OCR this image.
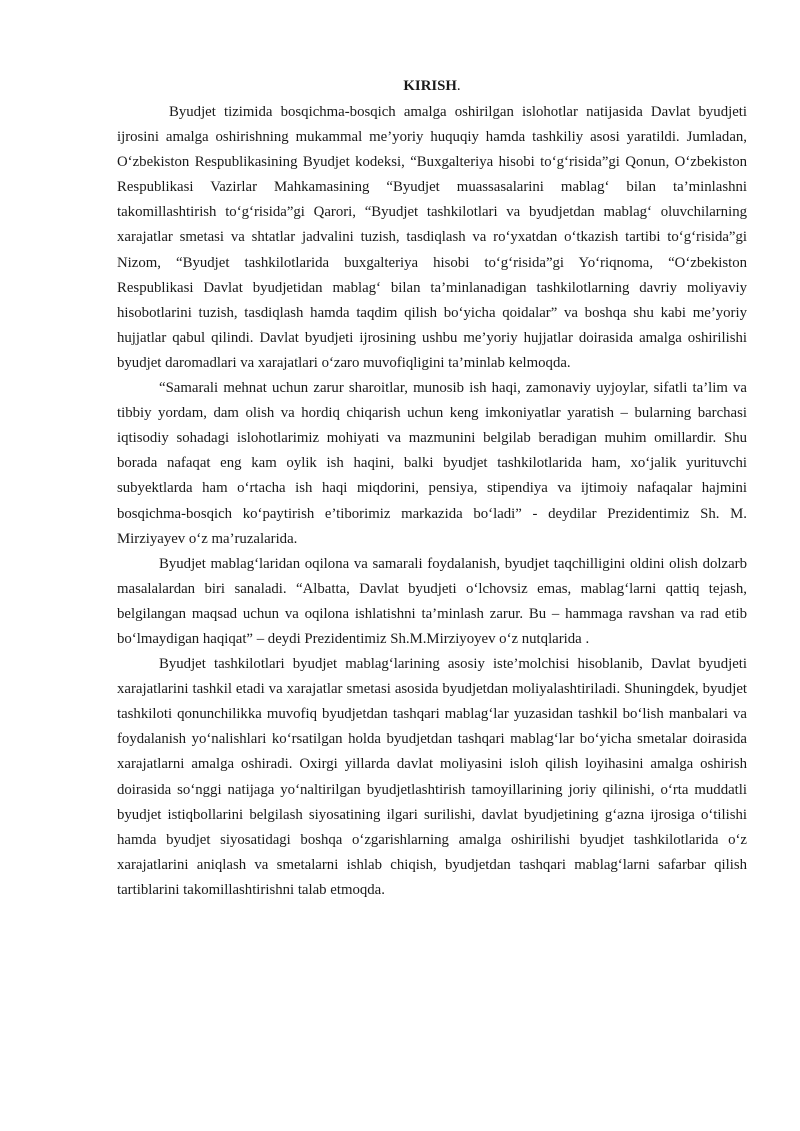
KIRISH.

Byudjet tizimida bosqichma-bosqich amalga oshirilgan islohotlar natijasida Davlat byudjeti ijrosini amalga oshirishning mukammal me’yoriy huquqiy hamda tashkiliy asosi yaratildi. Jumladan, O‘zbekiston Respublikasining Byudjet kodeksi, “Buxgalteriya hisobi to‘g‘risida”gi Qonun, O‘zbekiston Respublikasi Vazirlar Mahkamasining “Byudjet muassasalarini mablag‘ bilan ta’minlashni takomillashtirish to‘g‘risida”gi Qarori, “Byudjet tashkilotlari va byudjetdan mablag‘ oluvchilarning xarajatlar smetasi va shtatlar jadvalini tuzish, tasdiqlash va ro‘yxatdan o‘tkazish tartibi to‘g‘risida”gi Nizom, “Byudjet tashkilotlarida buxgalteriya hisobi to‘g‘risida”gi Yo‘riqnoma, “O‘zbekiston Respublikasi Davlat byudjetidan mablag‘ bilan ta’minlanadigan tashkilotlarning davriy moliyaviy hisobotlarini tuzish, tasdiqlash hamda taqdim qilish bo‘yicha qoidalar” va boshqa shu kabi me’yoriy hujjatlar qabul qilindi. Davlat byudjeti ijrosining ushbu me’yoriy hujjatlar doirasida amalga oshirilishi byudjet daromadlari va xarajatlari o‘zaro muvofiqligini ta’minlab kelmoqda.

“Samarali mehnat uchun zarur sharoitlar, munosib ish haqi, zamonaviy uyjoylar, sifatli ta’lim va tibbiy yordam, dam olish va hordiq chiqarish uchun keng imkoniyatlar yaratish – bularning barchasi iqtisodiy sohadagi islohotlarimiz mohiyati va mazmunini belgilab beradigan muhim omillardir. Shu borada nafaqat eng kam oylik ish haqini, balki byudjet tashkilotlarida ham, xo‘jalik yurituvchi subyektlarda ham o‘rtacha ish haqi miqdorini, pensiya, stipendiya va ijtimoiy nafaqalar hajmini bosqichma-bosqich ko‘paytirish e’tiborimiz markazida bo‘ladi” - deydilar Prezidentimiz Sh. M. Mirziyayev o‘z ma’ruzalarida.

Byudjet mablag‘laridan oqilona va samarali foydalanish, byudjet taqchilligini oldini olish dolzarb masalalardan biri sanaladi. “Albatta, Davlat byudjeti o‘lchovsiz emas, mablag‘larni qattiq tejash, belgilangan maqsad uchun va oqilona ishlatishni ta’minlash zarur. Bu – hammaga ravshan va rad etib bo‘lmaydigan haqiqat” – deydi Prezidentimiz Sh.M.Mirziyoyev o‘z nutqlarida .

Byudjet tashkilotlari byudjet mablag‘larining asosiy iste’molchisi hisoblanib, Davlat byudjeti xarajatlarini tashkil etadi va xarajatlar smetasi asosida byudjetdan moliyalashtiriladi. Shuningdek, byudjet tashkiloti qonunchilikka muvofiq byudjetdan tashqari mablag‘lar yuzasidan tashkil bo‘lish manbalari va foydalanish yo‘nalishlari ko‘rsatilgan holda byudjetdan tashqari mablag‘lar bo‘yicha smetalar doirasida xarajatlarni amalga oshiradi. Oxirgi yillarda davlat moliyasini isloh qilish loyihasini amalga oshirish doirasida so‘nggi natijaga yo‘naltirilgan byudjetlashtirish tamoyillarining joriy qilinishi, o‘rta muddatli byudjet istiqbollarini belgilash siyosatining ilgari surilishi, davlat byudjetining g‘azna ijrosiga o‘tilishi hamda byudjet siyosatidagi boshqa o‘zgarishlarning amalga oshirilishi byudjet tashkilotlarida o‘z xarajatlarini aniqlash va smetalarni ishlab chiqish, byudjetdan tashqari mablag‘larni safarbar qilish tartiblarini takomillashtirishni talab etmoqda.
